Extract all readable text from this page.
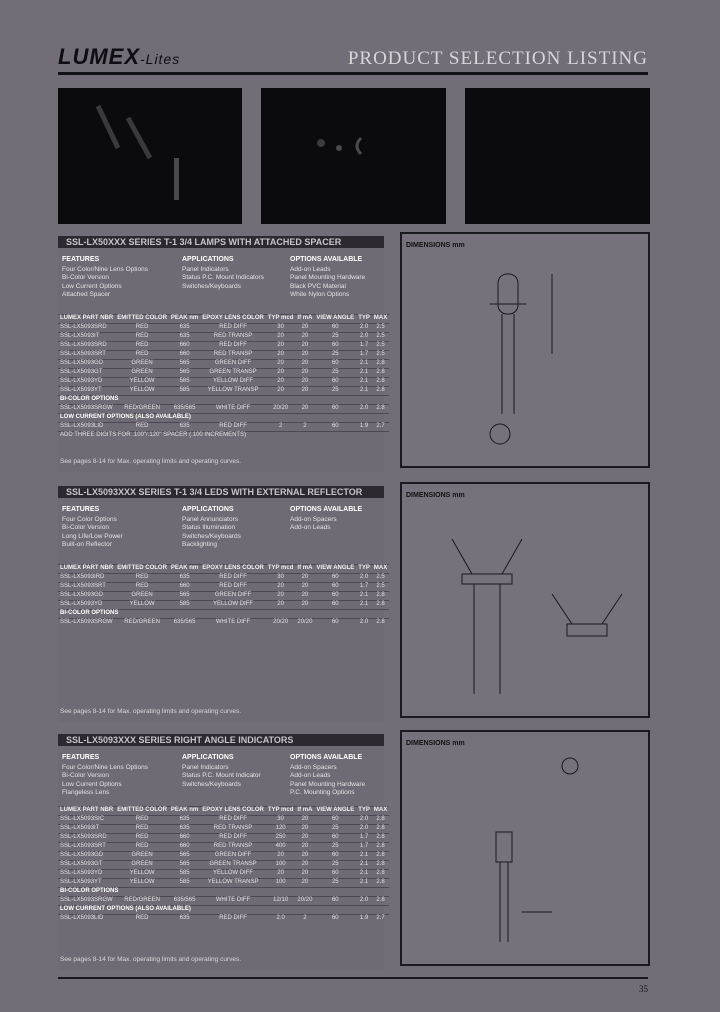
LUMEX-Lites	PRODUCT SELECTION LISTING
SSL-LX50XXX SERIES T-1 3/4 LAMPS WITH ATTACHED SPACER
FEATURES
Four Color/Nine Lens Options
Bi-Color Version
Low Current Options
Attached Spacer
APPLICATIONS
Panel Indicators
Status P.C. Mount Indicators
Switches/Keyboards
OPTIONS AVAILABLE
Add-on Leads
Panel Mounting Hardware
Black PVC Material
White Nylon Options
LUMEX PART NBR	EMITTED COLOR	PEAK nm	EPOXY LENS COLOR	TYP mcd	If mA	VIEW ANGLE	TYP	MAX
SSL-LX5093SRD	RED	635	RED DIFF	30	20	60	2.0	2.5
SSL-LX5093IT	RED	635	RED TRANSP	20	20	25	2.0	2.5
SSL-LX5093SRD	RED	660	RED DIFF	20	20	60	1.7	2.5
SSL-LX5093SRT	RED	660	RED TRANSP	20	20	25	1.7	2.5
SSL-LX5093GD	GREEN	565	GREEN DIFF	20	20	60	2.1	2.8
SSL-LX5093GT	GREEN	565	GREEN TRANSP	20	20	25	2.1	2.8
SSL-LX5093YD	YELLOW	585	YELLOW DIFF	20	20	60	2.1	2.8
SSL-LX5093YT	YELLOW	585	YELLOW TRANSP	20	20	25	2.1	2.8
BI-COLOR OPTIONS								
SSL-LX5093SRGW	RED/GREEN	635/565	WHITE DIFF	20/20	20	60	2.0	2.8
LOW CURRENT OPTIONS (ALSO AVAILABLE)								
SSL-LX5093LID	RED	635	RED DIFF	2	2	60	1.9	2.7
ADD THREE DIGITS FOR .100"/.120" SPACER (.100 INCREMENTS)								
See pages 8-14 for Max. operating limits and operating curves.
DIMENSIONS mm
SSL-LX5093XXX SERIES T-1 3/4 LEDS WITH EXTERNAL REFLECTOR
FEATURES
Four Color Options
Bi-Color Version
Long Life/Low Power
Built-on Reflector
APPLICATIONS
Panel Annunciators
Status Illumination
Switches/Keyboards
Backlighting
OPTIONS AVAILABLE
Add-on Spacers
Add-on Leads
LUMEX PART NBR	EMITTED COLOR	PEAK nm	EPOXY LENS COLOR	TYP mcd	If mA	VIEW ANGLE	TYP	MAX
SSL-LX5093IRD	RED	635	RED DIFF	30	20	60	2.0	2.5
SSL-LX5093SRT	RED	660	RED DIFF	20	20	60	1.7	2.5
SSL-LX5093GD	GREEN	565	GREEN DIFF	20	20	60	2.1	2.8
SSL-LX5093YD	YELLOW	585	YELLOW DIFF	20	20	60	2.1	2.8
BI-COLOR OPTIONS								
SSL-LX5093SRGW	RED/GREEN	635/565	WHITE DIFF	20/20	20/20	60	2.0	2.8
See pages 8-14 for Max. operating limits and operating curves.
DIMENSIONS mm
SSL-LX5093XXX SERIES RIGHT ANGLE INDICATORS
FEATURES
Four Color/Nine Lens Options
Bi-Color Version
Low Current Options
Flangeless Lens
APPLICATIONS
Panel Indicators
Status P.C. Mount Indicator
Switches/Keyboards
OPTIONS AVAILABLE
Add-on Spacers
Add-on Leads
Panel Mounting Hardware
P.C. Mounting Options
LUMEX PART NBR	EMITTED COLOR	PEAK nm	EPOXY LENS COLOR	TYP mcd	If mA	VIEW ANGLE	TYP	MAX
SSL-LX5093SIC	RED	635	RED DIFF	30	20	60	2.0	2.8
SSL-LX5093IT	RED	635	RED TRANSP	120	20	25	2.0	2.8
SSL-LX5093SRD	RED	660	RED DIFF	250	20	60	1.7	2.8
SSL-LX5093SRT	RED	660	RED TRANSP	400	20	25	1.7	2.8
SSL-LX5093GD	GREEN	565	GREEN DIFF	20	20	60	2.1	2.8
SSL-LX5093GT	GREEN	565	GREEN TRANSP	100	20	25	2.1	2.8
SSL-LX5093YD	YELLOW	585	YELLOW DIFF	20	20	60	2.1	2.8
SSL-LX5093YT	YELLOW	585	YELLOW TRANSP	100	20	25	2.1	2.8
BI-COLOR OPTIONS								
SSL-LX5093SRGW	RED/GREEN	635/565	WHITE DIFF	12/10	20/20	60	2.0	2.8
LOW CURRENT OPTIONS (ALSO AVAILABLE)								
SSL-LX5093LID	RED	635	RED DIFF	2.0	2	60	1.9	2.7
See pages 8-14 for Max. operating limits and operating curves.
DIMENSIONS mm
35
